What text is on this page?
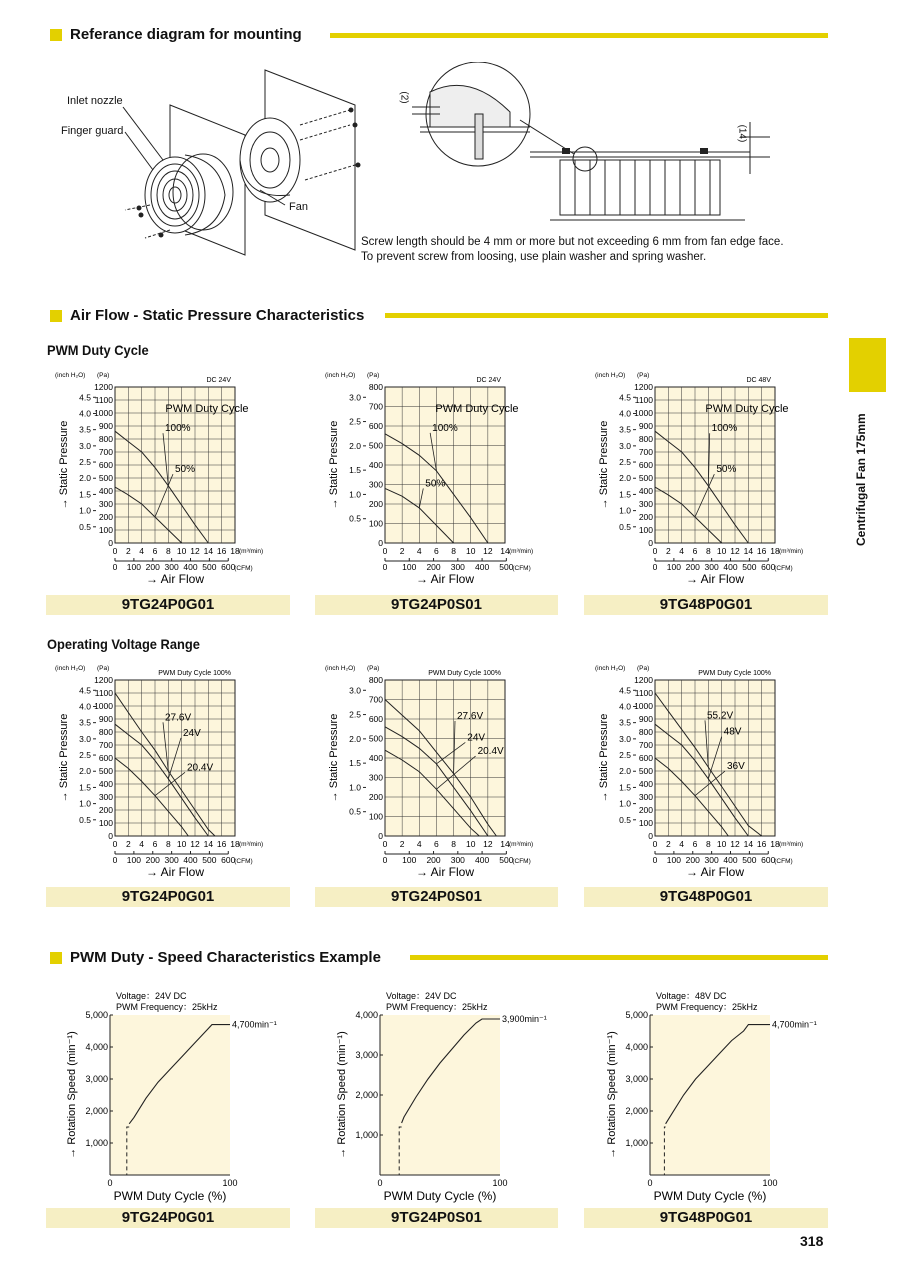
Referance diagram for mounting
Inlet nozzle
Finger guard
Fan
(2)
(14)
Screw length should be 4 mm or more but not exceeding 6 mm from fan edge face.
To prevent screw from loosing, use plain washer and spring washer.
Air Flow - Static Pressure Characteristics
Centrifugal Fan 175mm
PWM Duty Cycle
Operating Voltage Range
0
100
200
300
400
500
600
700
800
900
1000
1100
1200
0.5
1.0
1.5
2.0
2.5
3.0
3.5
4.0
4.5
(inch H₂O) (Pa)
→ Static Pressure
0 2 4 6 8 10 12 14 16 18 (m³/min)
0 100 200 300 400 500 600
(CFM)
→ Air Flow
DC 24V
PWM Duty Cycle
100%
50%
0
100
200
300
400
500
600
700
800
0.5
1.0
1.5
2.0
2.5
3.0
(inch H₂O) (Pa)
→ Static Pressure
0 2 4 6 8 10 12 14 (m³/min)
0 100 200 300 400 500
(CFM)
→ Air Flow
DC 24V
PWM Duty Cycle
100%
50%
0
100
200
300
400
500
600
700
800
900
1000
1100
1200
0.5
1.0
1.5
2.0
2.5
3.0
3.5
4.0
4.5
(inch H₂O) (Pa)
→ Static Pressure
0 2 4 6 8 10 12 14 16 18 (m³/min)
0 100 200 300 400 500 600
(CFM)
→ Air Flow
DC 48V
PWM Duty Cycle
100%
50%
9TG24P0G01	9TG24P0S01	9TG48P0G01
0
100
200
300
400
500
600
700
800
900
1000
1100
1200
0.5
1.0
1.5
2.0
2.5
3.0
3.5
4.0
4.5
(inch H₂O) (Pa)
→ Static Pressure
0 2 4 6 8 10 12 14 16 18 (m³/min)
0 100 200 300 400 500 600
(CFM)
→ Air Flow
PWM Duty Cycle 100%
27.6V
24V
20.4V
0
100
200
300
400
500
600
700
800
0.5
1.0
1.5
2.0
2.5
3.0
(inch H₂O) (Pa)
→ Static Pressure
0 2 4 6 8 10 12 14 (m³/min)
0 100 200 300 400 500
(CFM)
→ Air Flow
PWM Duty Cycle 100%
27.6V
24V
20.4V
0
100
200
300
400
500
600
700
800
900
1000
1100
1200
0.5
1.0
1.5
2.0
2.5
3.0
3.5
4.0
4.5
(inch H₂O) (Pa)
→ Static Pressure
0 2 4 6 8 10 12 14 16 18 (m³/min)
0 100 200 300 400 500 600
(CFM)
→ Air Flow
PWM Duty Cycle 100%
55.2V
48V
36V
9TG24P0G01	9TG24P0S01	9TG48P0G01
PWM Duty - Speed Characteristics Example
1,000
2,000
3,000
4,000
5,000
0	100
Voltage：24V DC
PWM Frequency：25kHz
→ Rotation Speed (min⁻¹)
PWM Duty Cycle (%)
4,700min⁻¹
1,000
2,000
3,000
4,000
0	100
Voltage：24V DC
PWM Frequency：25kHz
→ Rotation Speed (min⁻¹)
PWM Duty Cycle (%)
3,900min⁻¹
1,000
2,000
3,000
4,000
5,000
0	100
Voltage：48V DC
PWM Frequency：25kHz
→ Rotation Speed (min⁻¹)
PWM Duty Cycle (%)
4,700min⁻¹
9TG24P0G01	9TG24P0S01	9TG48P0G01
318
